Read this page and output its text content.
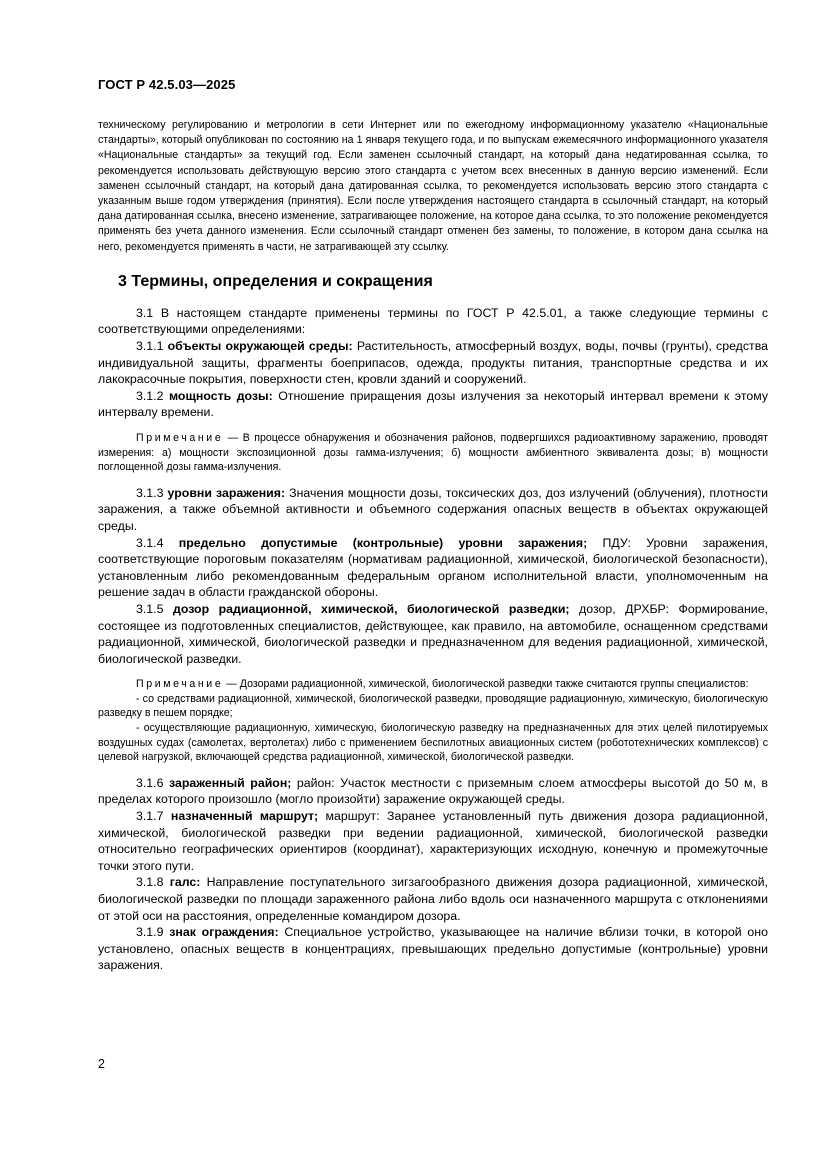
ГОСТ Р 42.5.03—2025

техническому регулированию и метрологии в сети Интернет или по ежегодному информационному указателю «Национальные стандарты», который опубликован по состоянию на 1 января текущего года, и по выпускам ежемесячного информационного указателя «Национальные стандарты» за текущий год. Если заменен ссылочный стандарт, на который дана недатированная ссылка, то рекомендуется использовать действующую версию этого стандарта с учетом всех внесенных в данную версию изменений. Если заменен ссылочный стандарт, на который дана датированная ссылка, то рекомендуется использовать версию этого стандарта с указанным выше годом утверждения (принятия). Если после утверждения настоящего стандарта в ссылочный стандарт, на который дана датированная ссылка, внесено изменение, затрагивающее положение, на которое дана ссылка, то это положение рекомендуется применять без учета данного изменения. Если ссылочный стандарт отменен без замены, то положение, в котором дана ссылка на него, рекомендуется применять в части, не затрагивающей эту ссылку.

3 Термины, определения и сокращения

3.1 В настоящем стандарте применены термины по ГОСТ Р 42.5.01, а также следующие термины с соответствующими определениями:

3.1.1 объекты окружающей среды: Растительность, атмосферный воздух, воды, почвы (грунты), средства индивидуальной защиты, фрагменты боеприпасов, одежда, продукты питания, транспортные средства и их лакокрасочные покрытия, поверхности стен, кровли зданий и сооружений.

3.1.2 мощность дозы: Отношение приращения дозы излучения за некоторый интервал времени к этому интервалу времени.

Примечание — В процессе обнаружения и обозначения районов, подвергшихся радиоактивному заражению, проводят измерения: а) мощности экспозиционной дозы гамма-излучения; б) мощности амбиентного эквивалента дозы; в) мощности поглощенной дозы гамма-излучения.

3.1.3 уровни заражения: Значения мощности дозы, токсических доз, доз излучений (облучения), плотности заражения, а также объемной активности и объемного содержания опасных веществ в объектах окружающей среды.

3.1.4 предельно допустимые (контрольные) уровни заражения; ПДУ: Уровни заражения, соответствующие пороговым показателям (нормативам радиационной, химической, биологической безопасности), установленным либо рекомендованным федеральным органом исполнительной власти, уполномоченным на решение задач в области гражданской обороны.

3.1.5 дозор радиационной, химической, биологической разведки; дозор, ДРХБР: Формирование, состоящее из подготовленных специалистов, действующее, как правило, на автомобиле, оснащенном средствами радиационной, химической, биологической разведки и предназначенном для ведения радиационной, химической, биологической разведки.

Примечание — Дозорами радиационной, химической, биологической разведки также считаются группы специалистов:

- со средствами радиационной, химической, биологической разведки, проводящие радиационную, химическую, биологическую разведку в пешем порядке;

- осуществляющие радиационную, химическую, биологическую разведку на предназначенных для этих целей пилотируемых воздушных судах (самолетах, вертолетах) либо с применением беспилотных авиационных систем (робототехнических комплексов) с целевой нагрузкой, включающей средства радиационной, химической, биологической разведки.

3.1.6 зараженный район; район: Участок местности с приземным слоем атмосферы высотой до 50 м, в пределах которого произошло (могло произойти) заражение окружающей среды.

3.1.7 назначенный маршрут; маршрут: Заранее установленный путь движения дозора радиационной, химической, биологической разведки при ведении радиационной, химической, биологической разведки относительно географических ориентиров (координат), характеризующих исходную, конечную и промежуточные точки этого пути.

3.1.8 галс: Направление поступательного зигзагообразного движения дозора радиационной, химической, биологической разведки по площади зараженного района либо вдоль оси назначенного маршрута с отклонениями от этой оси на расстояния, определенные командиром дозора.

3.1.9 знак ограждения: Специальное устройство, указывающее на наличие вблизи точки, в которой оно установлено, опасных веществ в концентрациях, превышающих предельно допустимые (контрольные) уровни заражения.

2
